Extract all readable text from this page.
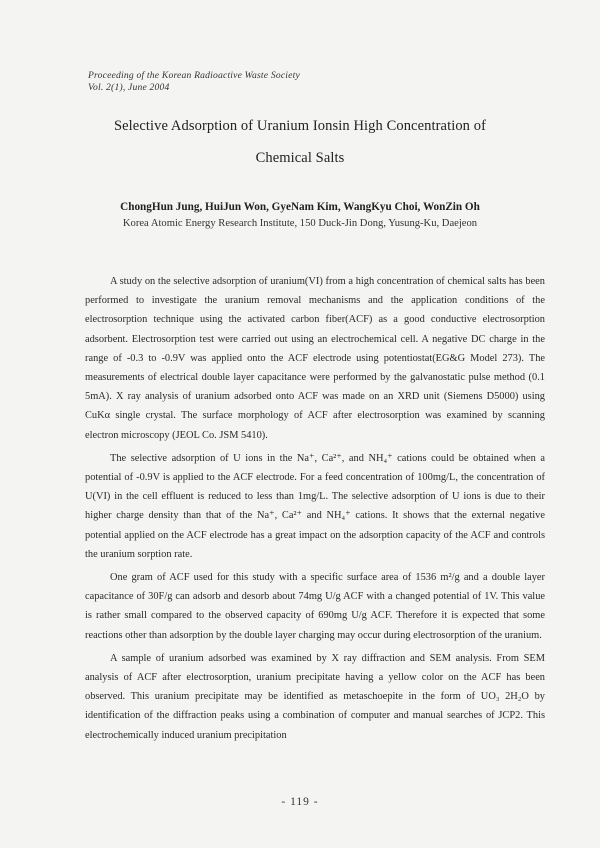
Proceeding of the Korean Radioactive Waste Society
Vol. 2(1), June 2004
Selective Adsorption of Uranium Ionsin High Concentration of
Chemical Salts
ChongHun Jung, HuiJun Won, GyeNam Kim, WangKyu Choi, WonZin Oh
Korea Atomic Energy Research Institute, 150 Duck-Jin Dong, Yusung-Ku, Daejeon

A study on the selective adsorption of uranium(VI) from a high concentration of chemical salts has been performed to investigate the uranium removal mechanisms and the application conditions of the electrosorption technique using the activated carbon fiber(ACF) as a good conductive electrosorption adsorbent. Electrosorption test were carried out using an electrochemical cell. A negative DC charge in the range of -0.3 to -0.9V was applied onto the ACF electrode using potentiostat(EG&G Model 273). The measurements of electrical double layer capacitance were performed by the galvanostatic pulse method (0.1 5mA). X ray analysis of uranium adsorbed onto ACF was made on an XRD unit (Siemens D5000) using CuKα single crystal. The surface morphology of ACF after electrosorption was examined by scanning electron microscopy (JEOL Co. JSM 5410).

The selective adsorption of U ions in the Na⁺, Ca²⁺, and NH₄⁺ cations could be obtained when a potential of -0.9V is applied to the ACF electrode. For a feed concentration of 100mg/L, the concentration of U(VI) in the cell effluent is reduced to less than 1mg/L. The selective adsorption of U ions is due to their higher charge density than that of the Na⁺, Ca²⁺ and NH₄⁺ cations. It shows that the external negative potential applied on the ACF electrode has a great impact on the adsorption capacity of the ACF and controls the uranium sorption rate.

One gram of ACF used for this study with a specific surface area of 1536 m²/g and a double layer capacitance of 30F/g can adsorb and desorb about 74mg U/g ACF with a changed potential of 1V. This value is rather small compared to the observed capacity of 690mg U/g ACF. Therefore it is expected that some reactions other than adsorption by the double layer charging may occur during electrosorption of the uranium.

A sample of uranium adsorbed was examined by X ray diffraction and SEM analysis. From SEM analysis of ACF after electrosorption, uranium precipitate having a yellow color on the ACF has been observed. This uranium precipitate may be identified as metaschoepite in the form of UO₃ 2H₂O by identification of the diffraction peaks using a combination of computer and manual searches of JCP2. This electrochemically induced uranium precipitation

- 119 -
